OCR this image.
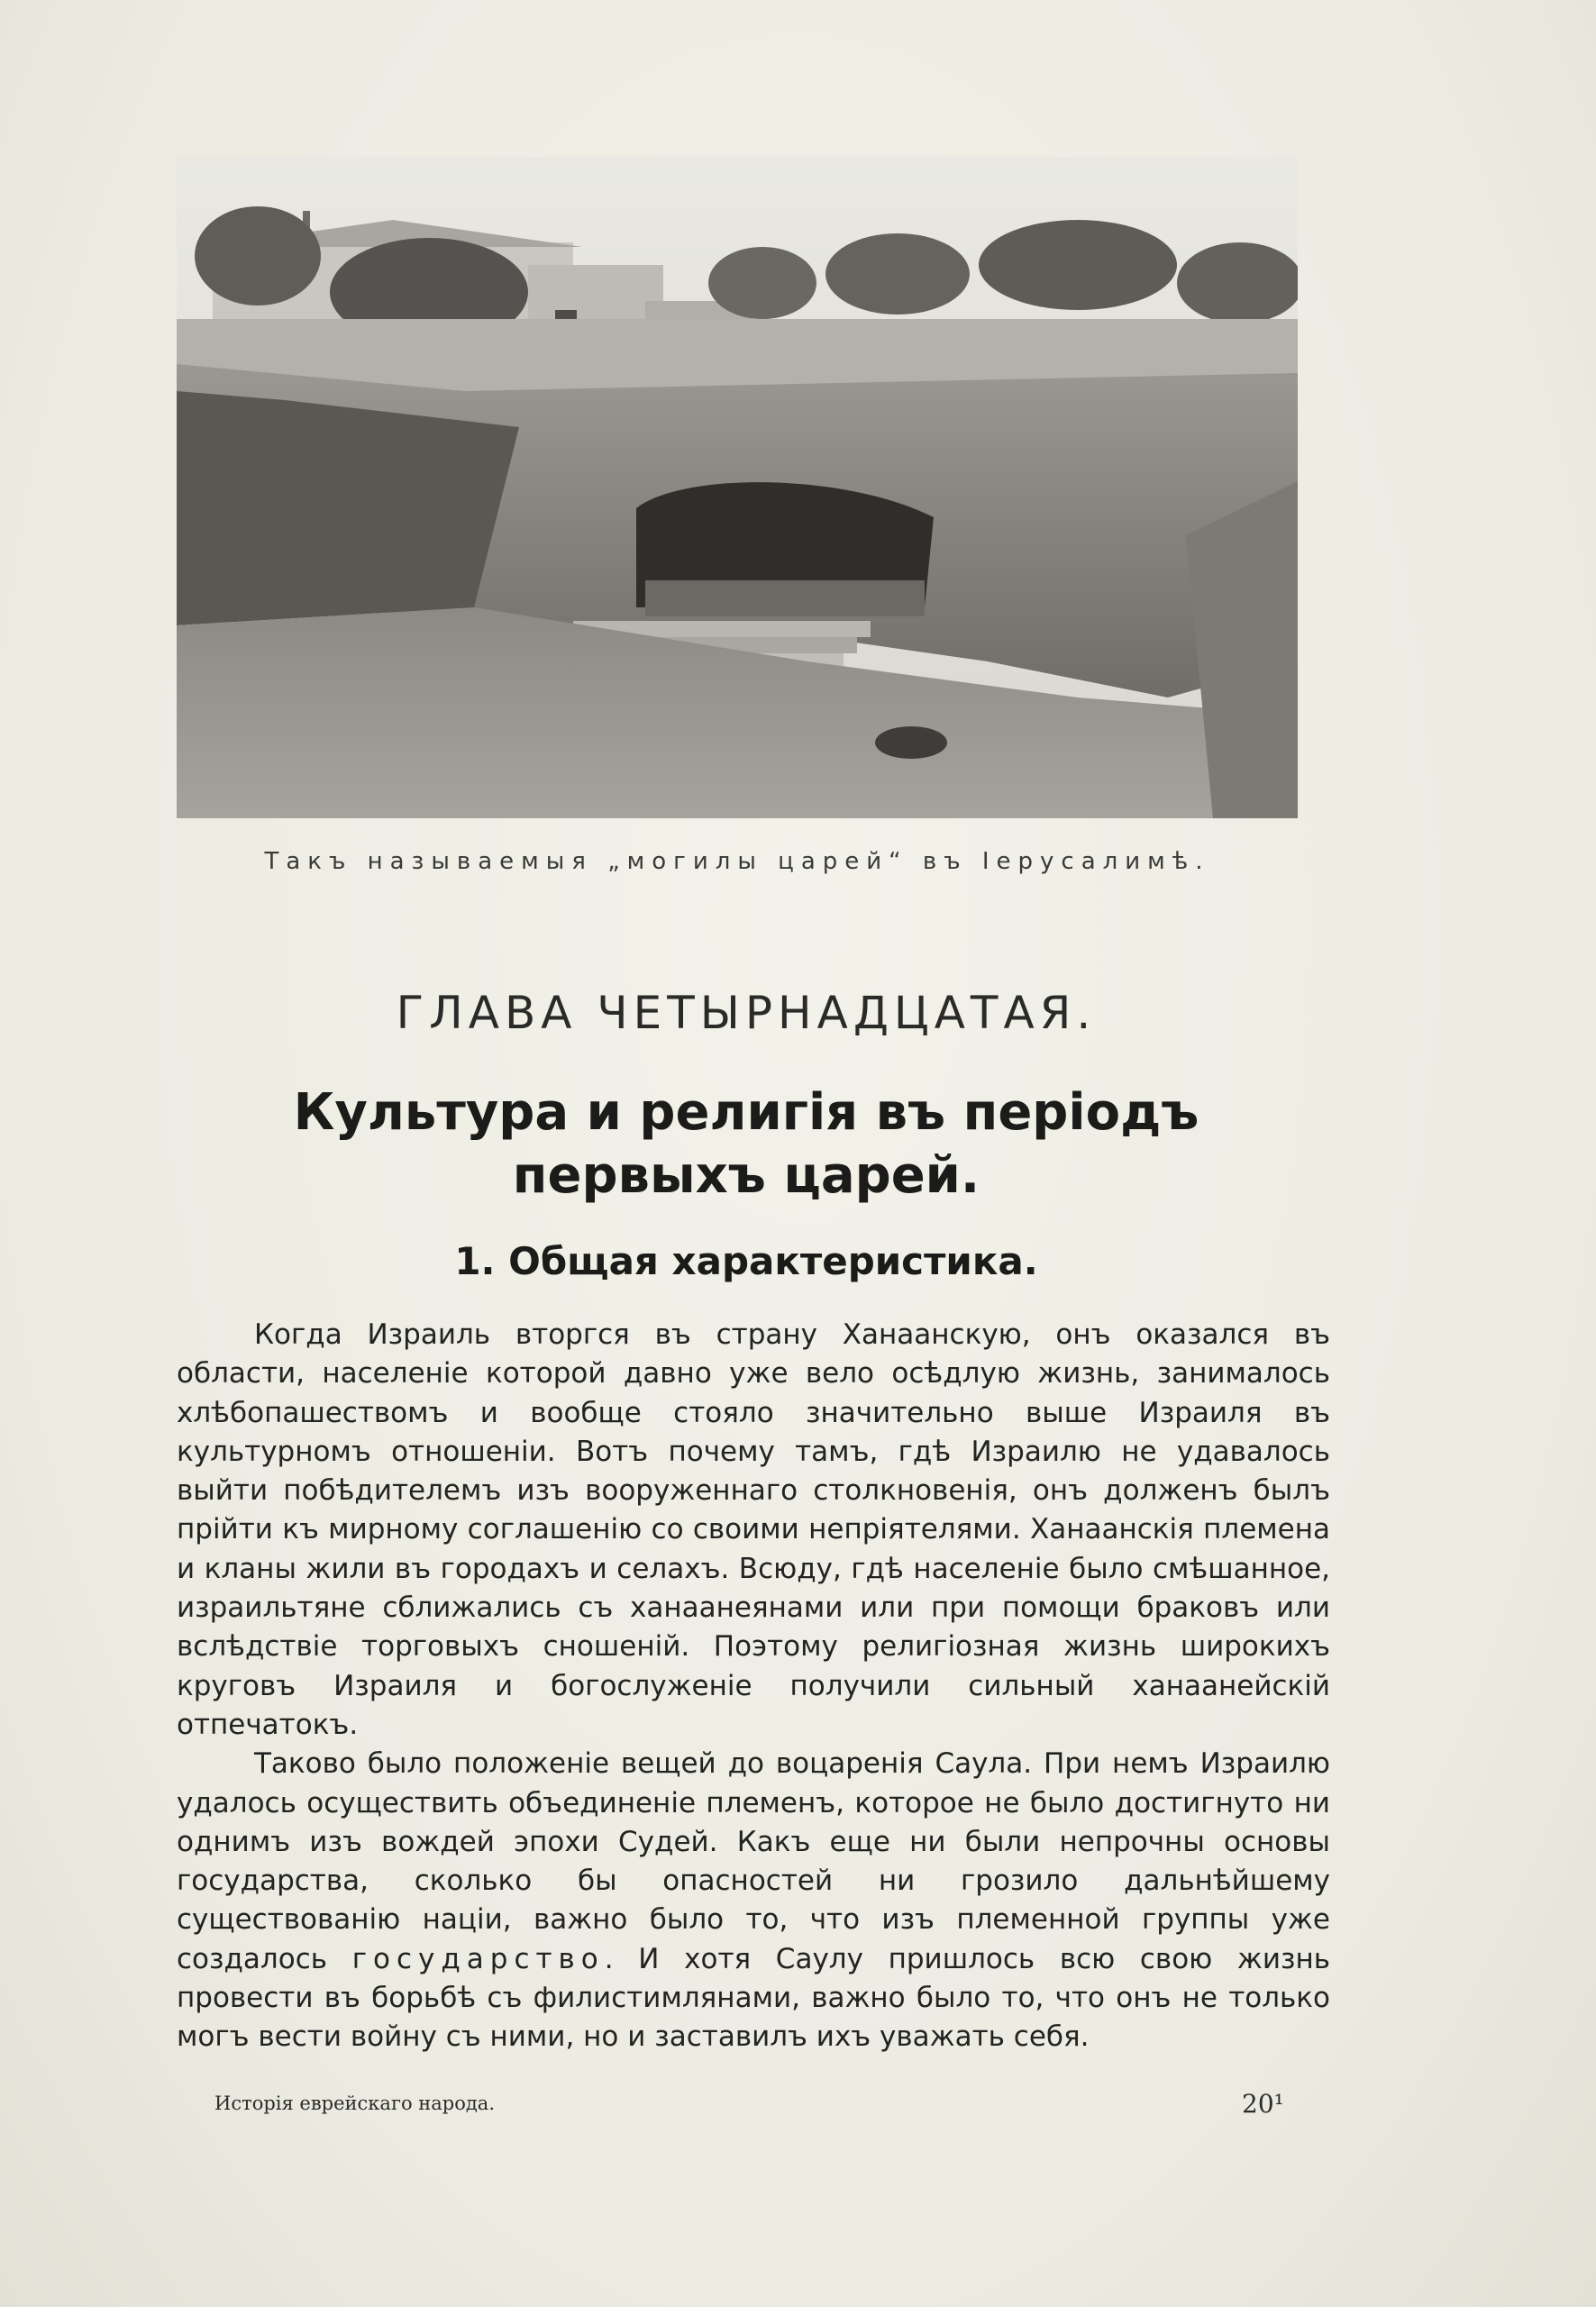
Такъ называемыя „могилы царей“ въ Іерусалимѣ.
ГЛАВА ЧЕТЫРНАДЦАТАЯ.
Культура и религія въ періодъ первыхъ царей.
1. Общая характеристика.

Когда Израиль вторгся въ страну Ханаанскую, онъ оказался въ области, населеніе которой давно уже вело осѣдлую жизнь, занималось хлѣбопашествомъ и вообще стояло значительно выше Израиля въ культурномъ отношеніи. Вотъ почему тамъ, гдѣ Израилю не удавалось выйти побѣдителемъ изъ вооруженнаго столкновенія, онъ долженъ былъ прійти къ мирному соглашенію со своими непріятелями. Ханаанскія племена и кланы жили въ городахъ и селахъ. Всюду, гдѣ населеніе было смѣшанное, израильтяне сближались съ ханаанеянами или при помощи браковъ или вслѣдствіе торговыхъ сношеній. Поэтому религіозная жизнь широкихъ круговъ Израиля и богослуженіе получили сильный ханаанейскій отпечатокъ.

Таково было положеніе вещей до воцаренія Саула. При немъ Израилю удалось осуществить объединеніе племенъ, которое не было достигнуто ни однимъ изъ вождей эпохи Судей. Какъ еще ни были непрочны основы государства, сколько бы опасностей ни грозило дальнѣйшему существованію націи, важно было то, что изъ племенной группы уже создалось государство. И хотя Саулу пришлось всю свою жизнь провести въ борьбѣ съ филистимлянами, важно было то, что онъ не только могъ вести войну съ ними, но и заставилъ ихъ уважать себя.

Исторія еврейскаго народа.	20¹
